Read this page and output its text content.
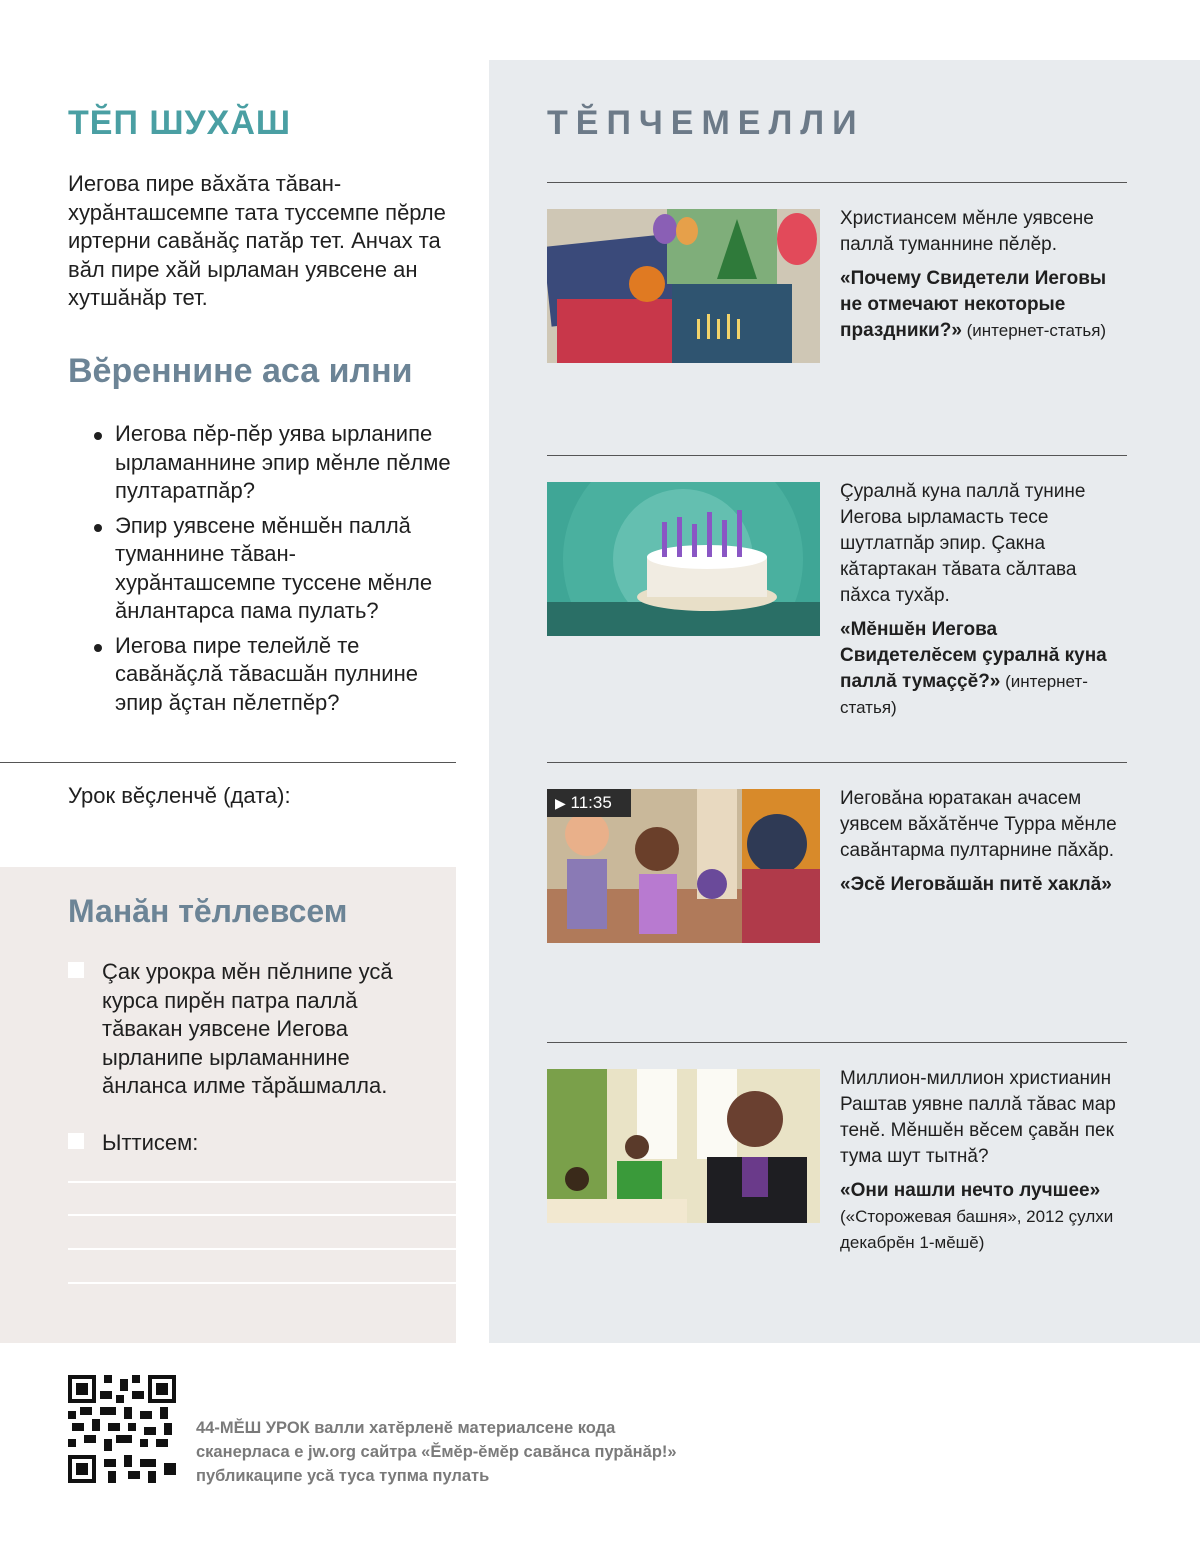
ТĔП ШУХĂШ

Иегова пире вăхăта тăван-хурăнташсемпе тата туссемпе пĕрле иртерни савăнăç патăр тет. Анчах та вăл пире хăй ырламан уявсене ан хутшăнăр тет.

Вĕреннине аса илни
Иегова пĕр-пĕр уява ырланипе ырламаннине эпир мĕнле пĕлме пултаратпăр?
Эпир уявсене мĕншĕн паллă туманнине тăван-хурăнташсемпе туссене мĕнле ăнлантарса пама пулать?
Иегова пире телейлĕ те савăнăçлă тăвасшăн пулнине эпир ăçтан пĕлетпĕр?
Урок вĕçленчĕ (дата):
Манăн тĕллевсем
Çак урокра мĕн пĕлнипе усă курса пирĕн патра паллă тăвакан уявсене Иегова ырланипе ырламаннине ăнланса илме тăрăшмалла.
Ыттисем:
ТĔПЧЕМЕЛЛИ

Христиансем мĕнле уявсене паллă туманнине пĕлĕр.

«Почему Свидетели Иеговы не отмечают некоторые праздники?» (интернет-статья)

Çуралнă куна паллă тунине Иегова ырламасть тесе шутлатпăр эпир. Çакна кăтартакан тăвата сăлтава пăхса тухăр.

«Мĕншĕн Иегова Свидетелĕсем çуралнă куна паллă тумаççĕ?» (интернет-статья)

▶ 11:35	Иеговăна юратакан ачасем уявсем вăхăтĕнче Турра мĕнле савăнтарма пултарнине пăхăр.

«Эсĕ Иеговăшăн питĕ хаклă»

Миллион-миллион христианин Раштав уявне паллă тăвас мар тенĕ. Мĕншĕн вĕсем çавăн пек тума шут тытнă?

«Они нашли нечто лучшее» («Сторожевая башня», 2012 çулхи декабрĕн 1-мĕшĕ)

44-МĔШ УРОК валли хатĕрленĕ материалсене кода сканерласа е jw.org сайтра «Ĕмĕр-ĕмĕр савăнса пурăнăр!» публикаципе усă туса тупма пулать
